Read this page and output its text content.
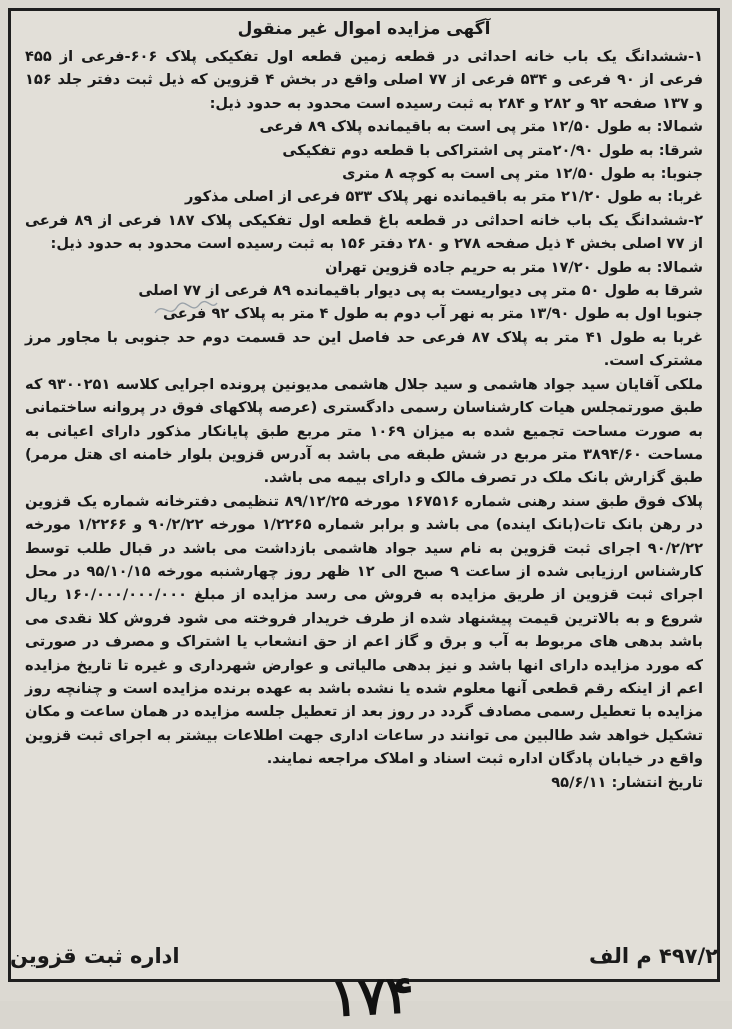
آگهی مزایده اموال غیر منقول

۱-ششدانگ یک باب خانه احداثی در قطعه زمین قطعه اول تفکیکی پلاک ۶۰۶-فرعی از ۴۵۵ فرعی از ۹۰ فرعی و ۵۳۴ فرعی از ۷۷ اصلی واقع در بخش ۴ قزوین که ذیل ثبت دفتر جلد ۱۵۶ و ۱۳۷ صفحه ۹۲ و ۲۸۲ و ۲۸۴ به ثبت رسیده است محدود به حدود ذیل:

شمالا: به طول ۱۲/۵۰ متر پی است به باقیمانده پلاک ۸۹ فرعی

شرقا: به طول ۲۰/۹۰متر پی اشتراکی با قطعه دوم تفکیکی

جنوبا: به طول ۱۲/۵۰ متر پی است به کوچه ۸ متری

غربا: به طول ۲۱/۲۰ متر به باقیمانده نهر پلاک ۵۳۳ فرعی از اصلی مذکور

۲-ششدانگ یک باب خانه احداثی در قطعه باغ قطعه اول تفکیکی پلاک ۱۸۷ فرعی از ۸۹ فرعی از ۷۷ اصلی بخش ۴ ذیل صفحه ۲۷۸ و ۲۸۰ دفتر ۱۵۶ به ثبت رسیده است محدود به حدود ذیل:

شمالا: به طول ۱۷/۲۰ متر به حریم جاده قزوین تهران

شرقا به طول ۵۰ متر پی دیواریست به پی دیوار باقیمانده ۸۹ فرعی از ۷۷ اصلی

جنوبا اول به طول ۱۳/۹۰ متر به نهر آب دوم به طول ۴ متر به پلاک ۹۲ فرعی

غربا به طول ۴۱ متر به پلاک ۸۷ فرعی حد فاصل این حد قسمت دوم حد جنوبی با مجاور مرز مشترک است.

ملکی آقایان سید جواد هاشمی و سید جلال هاشمی مدیونین پرونده اجرایی کلاسه ۹۳۰۰۲۵۱ که طبق صورتمجلس هیات کارشناسان رسمی دادگستری (عرصه پلاکهای فوق در پروانه ساختمانی به صورت مساحت تجمیع شده به میزان ۱۰۶۹ متر مربع طبق پایانکار مذکور دارای اعیانی به مساحت ۳۸۹۴/۶۰ متر مربع در شش طبقه می باشد به آدرس قزوین بلوار خامنه ای هتل مرمر) طبق گزارش بانک ملک در تصرف مالک و دارای بیمه می باشد.

پلاک فوق طبق سند رهنی شماره ۱۶۷۵۱۶ مورخه ۸۹/۱۲/۲۵ تنظیمی دفترخانه شماره یک قزوین در رهن بانک تات(بانک ایندە) می باشد و برابر شماره ۱/۲۲۶۵ مورخه ۹۰/۲/۲۲ و ۱/۲۲۶۶ مورخه ۹۰/۲/۲۲ اجرای ثبت قزوین به نام سید جواد هاشمی بازداشت می باشد در قبال طلب توسط کارشناس ارزیابی شده از ساعت ۹ صبح الی ۱۲ ظهر روز چهارشنبه مورخه ۹۵/۱۰/۱۵ در محل اجرای ثبت قزوین از طریق مزایده به فروش می رسد مزایده از مبلغ ۱۶۰/۰۰۰/۰۰۰/۰۰۰ ریال شروع و به بالاترین قیمت پیشنهاد شده از طرف خریدار فروخته می شود فروش کلا نقدی می باشد بدهی های مربوط به آب و برق و گاز اعم از حق انشعاب یا اشتراک و مصرف در صورتی که مورد مزایده دارای انها باشد و نیز بدهی مالیاتی و عوارض شهرداری و غیره تا تاریخ مزایده اعم از اینکه رقم قطعی آنها معلوم شده یا نشده باشد به عهده برنده مزایده است و چنانچه روز مزایده با تعطیل رسمی مصادف گردد در روز بعد از تعطیل جلسه مزایده در همان ساعت و مکان تشکیل خواهد شد طالبین می توانند در ساعات اداری جهت اطلاعات بیشتر به اجرای ثبت قزوین واقع در خیابان پادگان اداره ثبت اسناد و املاک مراجعه نمایند.

تاریخ انتشار: ۹۵/۶/۱۱

۴۹۷/۲ م الف
اداره ثبت قزوین
۱۷۴
